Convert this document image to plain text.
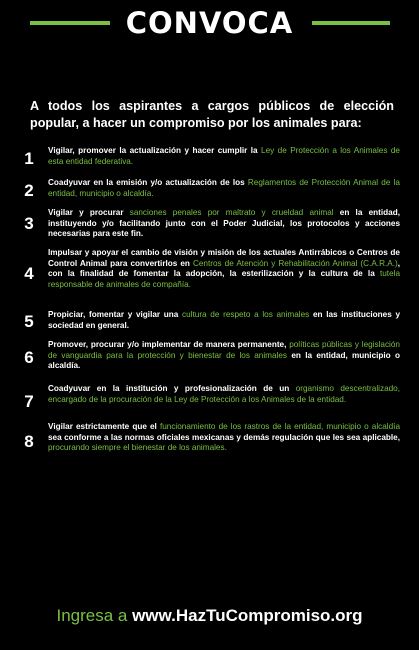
CONVOCA
A todos los aspirantes a cargos públicos de elección popular, a hacer un compromiso por los animales para:
1	Vigilar, promover la actualización y hacer cumplir la Ley de Protección a los Animales de esta entidad federativa.
2	Coadyuvar en la emisión y/o actualización de los Reglamentos de Protección Animal de la entidad, municipio o alcaldía.
3
Vigilar y procurar sanciones penales por maltrato y crueldad animal en la entidad, instituyendo y/o facilitando junto con el Poder Judicial, los protocolos y acciones necesarias para este fin.
4
Impulsar y apoyar el cambio de visión y misión de los actuales Antirrábicos o Centros de Control Animal para convertirlos en Centros de Atención y Rehabilitación Animal (C.A.R.A.), con la finalidad de fomentar la adopción, la esterilización y la cultura de la tutela responsable de animales de compañía.
5	Propiciar, fomentar y vigilar una cultura de respeto a los animales en las instituciones y sociedad en general.
6
Promover, procurar y/o implementar de manera permanente, políticas públicas y legislación de vanguardia para la protección y bienestar de los animales en la entidad, municipio o alcaldía.
7
Coadyuvar en la institución y profesionalización de un organismo descentralizado, encargado de la procuración de la Ley de Protección a los Animales de la entidad.
8
Vigilar estrictamente que el funcionamiento de los rastros de la entidad, municipio o alcaldía sea conforme a las normas oficiales mexicanas y demás regulación que les sea aplicable, procurando siempre el bienestar de los animales.
Ingresa a www.HazTuCompromiso.org
